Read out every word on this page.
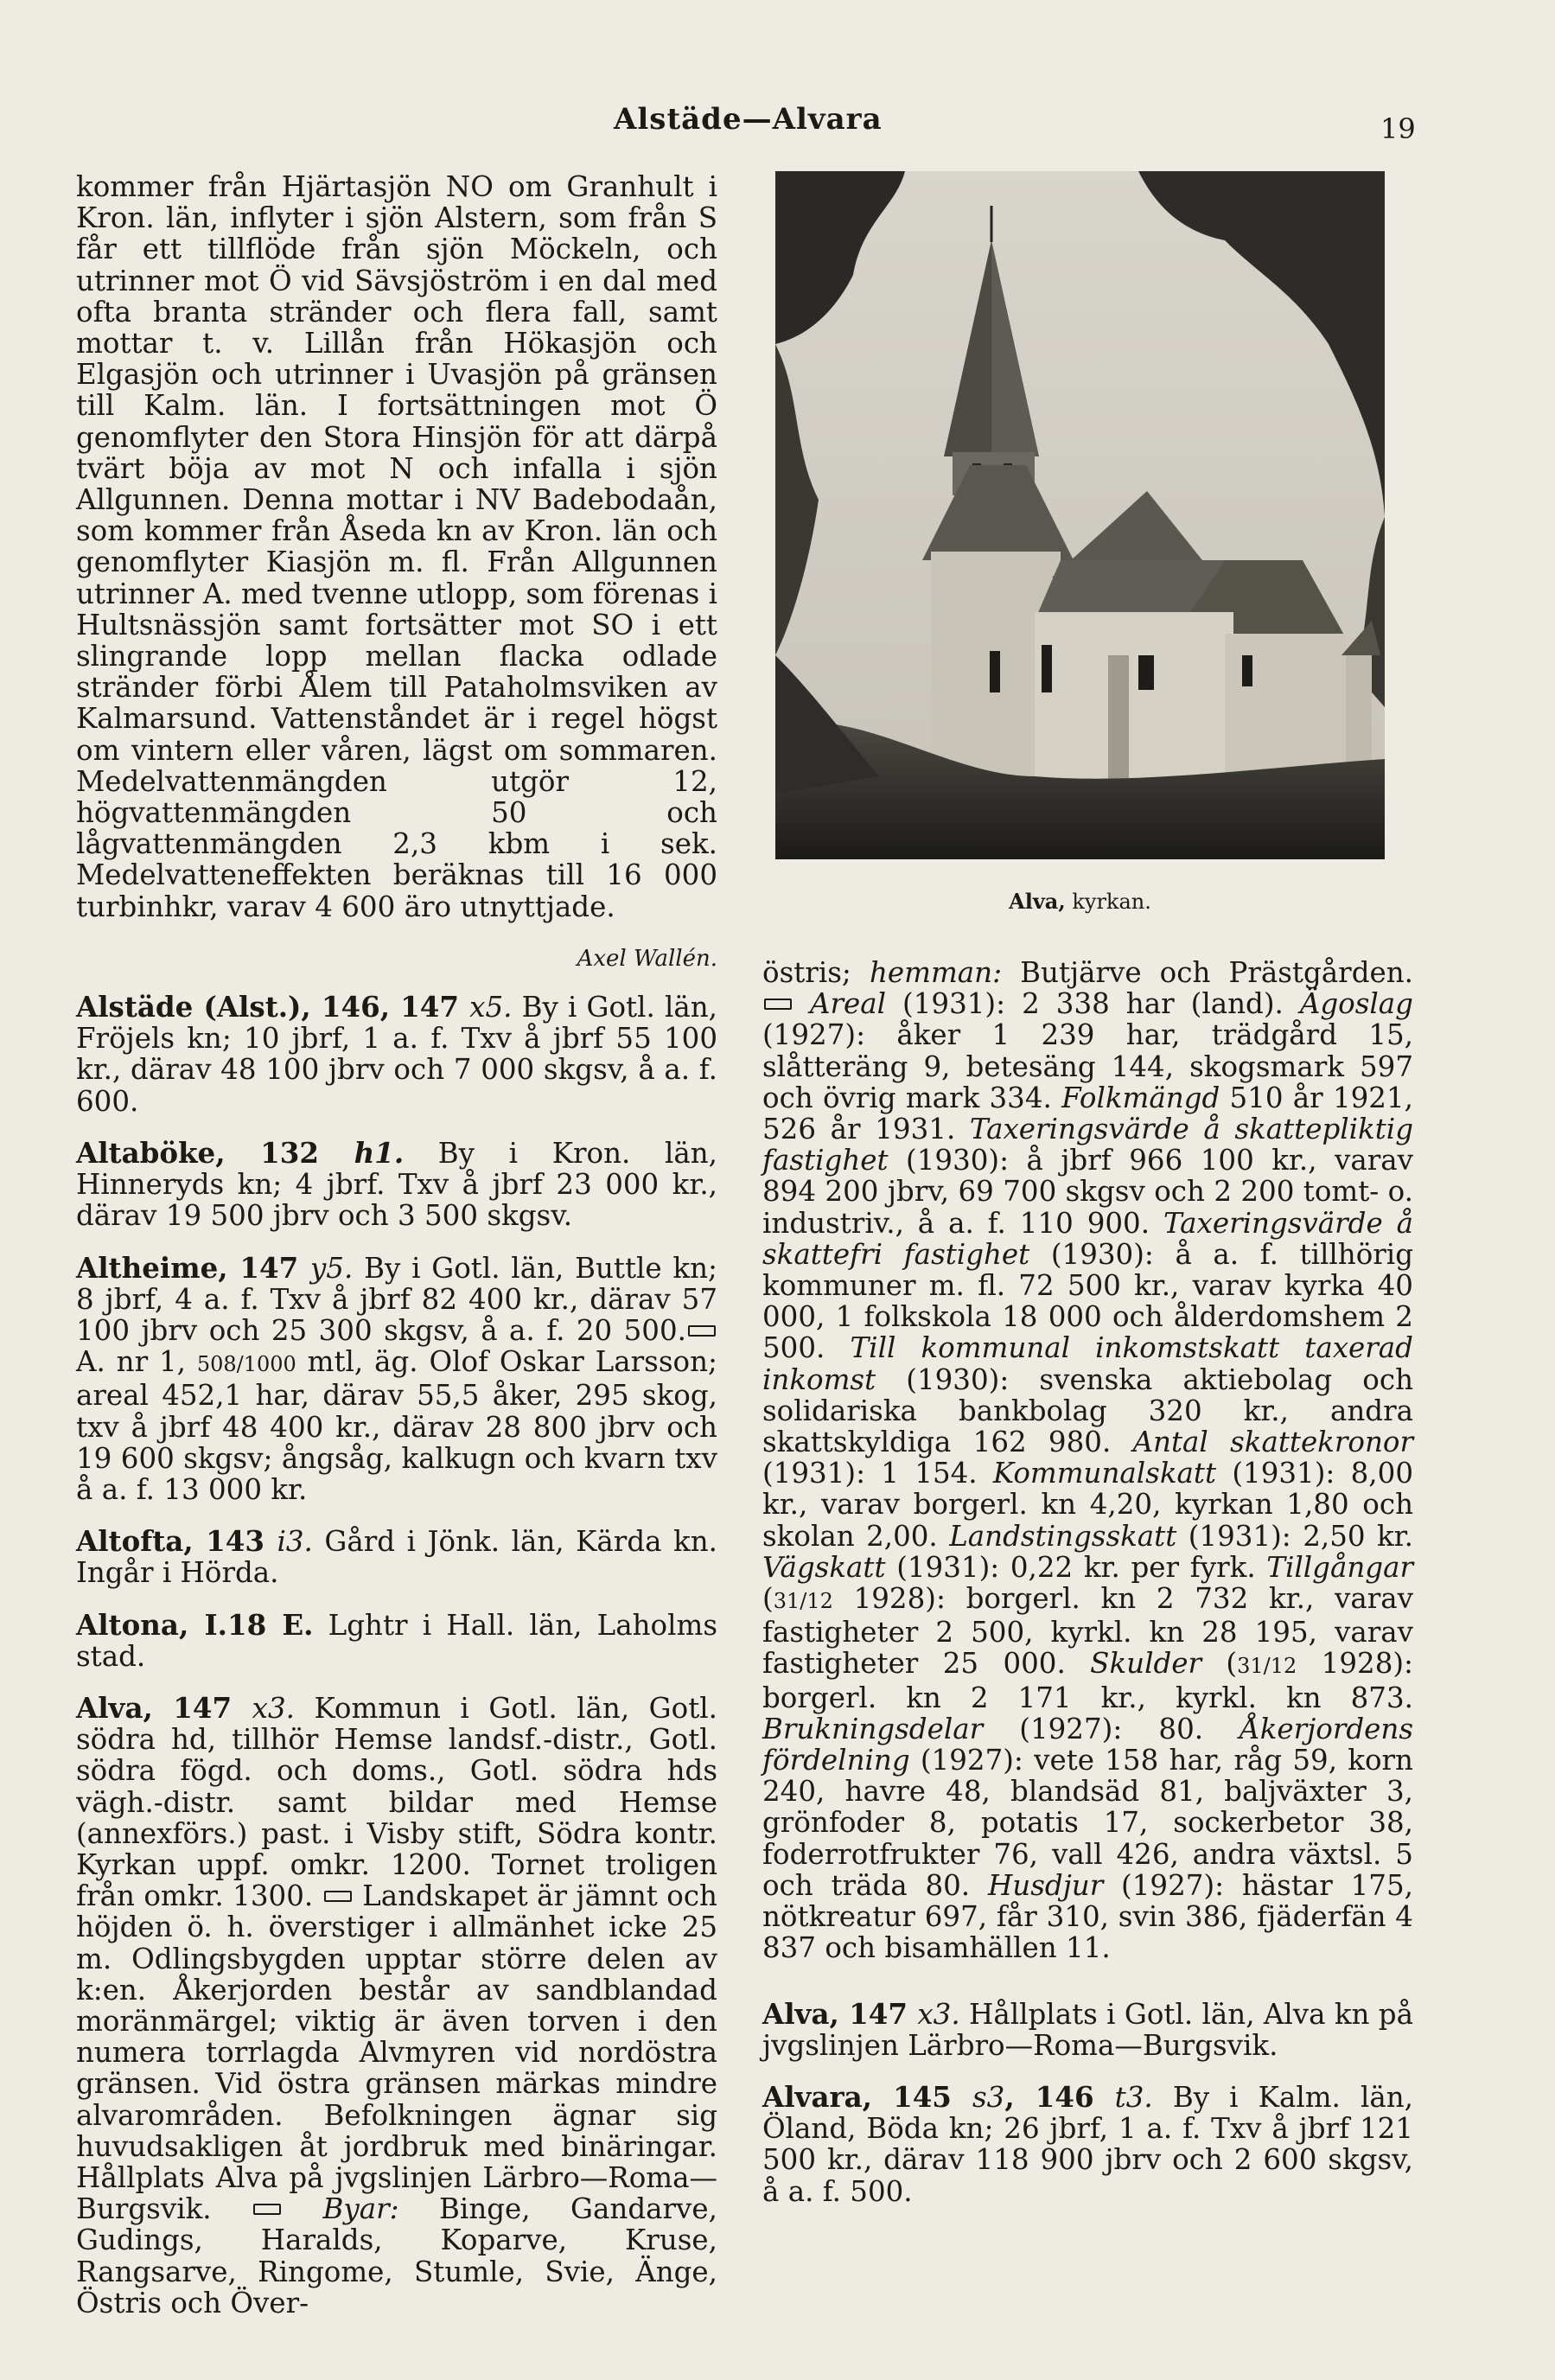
Alstäde—Alvara	19

kommer från Hjärtasjön NO om Granhult i Kron. län, inflyter i sjön Alstern, som från S får ett tillflöde från sjön Möckeln, och utrinner mot Ö vid Sävsjöström i en dal med ofta branta stränder och flera fall, samt mottar t. v. Lillån från Hökasjön och Elgasjön och utrinner i Uvasjön på gränsen till Kalm. län. I fortsättningen mot Ö genomflyter den Stora Hinsjön för att därpå tvärt böja av mot N och infalla i sjön Allgunnen. Denna mottar i NV Badebodaån, som kommer från Åseda kn av Kron. län och genomflyter Kiasjön m. fl. Från Allgunnen utrinner A. med tvenne utlopp, som förenas i Hultsnässjön samt fortsätter mot SO i ett slingrande lopp mellan flacka odlade stränder förbi Ålem till Pataholmsviken av Kalmarsund. Vattenståndet är i regel högst om vintern eller våren, lägst om sommaren. Medelvattenmängden utgör 12, högvattenmängden 50 och lågvattenmängden 2,3 kbm i sek. Medelvatteneffekten beräknas till 16 000 turbinhkr, varav 4 600 äro utnyttjade.

Axel Wallén.

Alstäde (Alst.), 146, 147 x5. By i Gotl. län, Fröjels kn; 10 jbrf, 1 a. f. Txv å jbrf 55 100 kr., därav 48 100 jbrv och 7 000 skgsv, å a. f. 600.

Altaböke, 132 h1. By i Kron. län, Hinneryds kn; 4 jbrf. Txv å jbrf 23 000 kr., därav 19 500 jbrv och 3 500 skgsv.

Altheime, 147 y5. By i Gotl. län, Buttle kn; 8 jbrf, 4 a. f. Txv å jbrf 82 400 kr., därav 57 100 jbrv och 25 300 skgsv, å a. f. 20 500. A. nr 1, 508/1000 mtl, äg. Olof Oskar Larsson; areal 452,1 har, därav 55,5 åker, 295 skog, txv å jbrf 48 400 kr., därav 28 800 jbrv och 19 600 skgsv; ångsåg, kalkugn och kvarn txv å a. f. 13 000 kr.

Altofta, 143 i3. Gård i Jönk. län, Kärda kn. Ingår i Hörda.

Altona, I.18 E. Lghtr i Hall. län, Laholms stad.

Alva, 147 x3. Kommun i Gotl. län, Gotl. södra hd, tillhör Hemse landsf.-distr., Gotl. södra fögd. och doms., Gotl. södra hds vägh.-distr. samt bildar med Hemse (annexförs.) past. i Visby stift, Södra kontr. Kyrkan uppf. omkr. 1200. Tornet troligen från omkr. 1300.  Landskapet är jämnt och höjden ö. h. överstiger i allmänhet icke 25 m. Odlingsbygden upptar större delen av k:en. Åkerjorden består av sandblandad moränmärgel; viktig är även torven i den numera torrlagda Alvmyren vid nordöstra gränsen. Vid östra gränsen märkas mindre alvarområden. Befolkningen ägnar sig huvudsakligen åt jordbruk med binäringar. Hållplats Alva på jvgslinjen Lärbro—Roma—Burgsvik.	Byar: Binge, Gandarve, Gudings, Haralds, Koparve, Kruse, Rangsarve, Ringome, Stumle, Svie, Änge, Östris och Över-

Alva, kyrkan.

östris; hemman: Butjärve och Prästgården.  Areal (1931): 2 338 har (land). Ägoslag (1927): åker 1 239 har, trädgård 15, slåtteräng 9, betesäng 144, skogsmark 597 och övrig mark 334. Folkmängd 510 år 1921, 526 år 1931. Taxeringsvärde å skattepliktig fastighet (1930): å jbrf 966 100 kr., varav 894 200 jbrv, 69 700 skgsv och 2 200 tomt- o. industriv., å a. f. 110 900. Taxeringsvärde å skattefri fastighet (1930): å a. f. tillhörig kommuner m. fl. 72 500 kr., varav kyrka 40 000, 1 folkskola 18 000 och ålderdomshem 2 500. Till kommunal inkomstskatt taxerad inkomst (1930): svenska aktiebolag och solidariska bankbolag 320 kr., andra skattskyldiga 162 980. Antal skattekronor (1931): 1 154. Kommunalskatt (1931): 8,00 kr., varav borgerl. kn 4,20, kyrkan 1,80 och skolan 2,00. Landstingsskatt (1931): 2,50 kr. Vägskatt (1931): 0,22 kr. per fyrk. Tillgångar (31/12 1928): borgerl. kn 2 732 kr., varav fastigheter 2 500, kyrkl. kn 28 195, varav fastigheter 25 000. Skulder (31/12 1928): borgerl. kn 2 171 kr., kyrkl. kn 873. Brukningsdelar (1927): 80. Åkerjordens fördelning (1927): vete 158 har, råg 59, korn 240, havre 48, blandsäd 81, baljväxter 3, grönfoder 8, potatis 17, sockerbetor 38, foderrotfrukter 76, vall 426, andra växtsl. 5 och träda 80. Husdjur (1927): hästar 175, nötkreatur 697, får 310, svin 386, fjäderfän 4 837 och bisamhällen 11.

Alva, 147 x3. Hållplats i Gotl. län, Alva kn på jvgslinjen Lärbro—Roma—Burgsvik.

Alvara, 145 s3, 146 t3. By i Kalm. län, Öland, Böda kn; 26 jbrf, 1 a. f. Txv å jbrf 121 500 kr., därav 118 900 jbrv och 2 600 skgsv, å a. f. 500.
